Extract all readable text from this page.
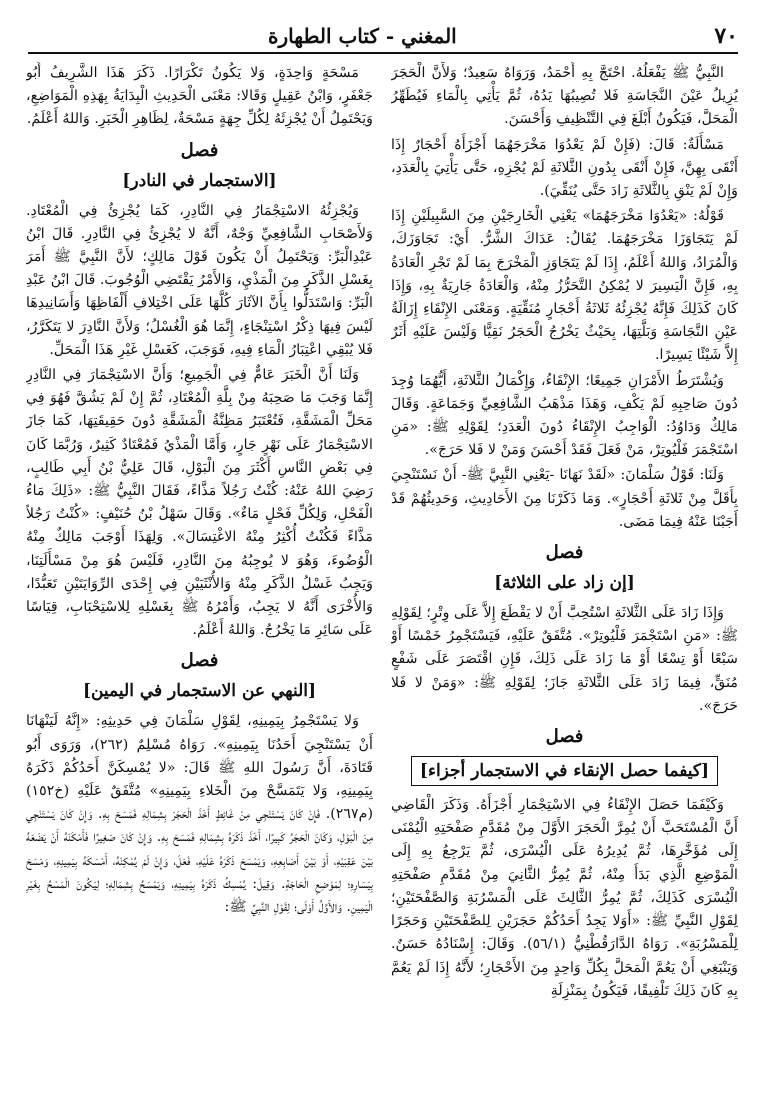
٧٠
المغني - كتاب الطهارة

النَّبِيُّ ﷺ يَفْعَلُهُ. احْتَجَّ بِهِ أَحْمَدُ، وَرَوَاهُ سَعِيدٌ؛ وَلأَنَّ الْحَجَرَ يُزِيلُ عَيْنَ النَّجَاسَةِ فَلا تُصِيبُهَا يَدُهُ، ثُمَّ يَأْتِي بِالْمَاءِ فَيُطَهِّرُ الْمَحَلَّ، فَيَكُونُ أَبْلَغَ فِي التَّنْظِيفِ وَأَحْسَنَ.

مَسْأَلَةٌ: قَالَ: (فَإِنْ لَمْ يَعْدُوَا مَخْرَجَهُمَا أَجْزَأَهُ أَحْجَارٌ إِذَا أَنْقَى بِهِنَّ، فَإِنْ أَنْقَى بِدُونِ الثَّلاثَةِ لَمْ يُجْزِهِ، حَتَّى يَأْتِيَ بِالْعَدَدِ، وَإِنْ لَمْ يَنْقِ بِالثَّلاثَةِ زَادَ حَتَّى يُنَقِّيَ).

قَوْلُهُ: «يَعْدُوَا مَخْرَجَهُمَا» يَعْنِي الْخَارِجَيْنِ مِنَ السَّبِيلَيْنِ إِذَا لَمْ يَتَجَاوَزَا مَخْرَجَهُمَا. يُقَالُ: عَدَاكَ الشَّرُّ. أَيْ: تَجَاوَزَكَ، وَالْمُرَادُ، وَاللهُ أَعْلَمُ، إِذَا لَمْ يَتَجَاوَزِ الْمَخْرَجَ بِمَا لَمْ تَجْرِ الْعَادَةُ بِهِ، فَإِنَّ الْيَسِيرَ لا يُمْكِنُ التَّحَرُّزُ مِنْهُ، وَالْعَادَةُ جَارِيَةٌ بِهِ، وَإِذَا كَانَ كَذَلِكَ فَإِنَّهُ يُجْزِئُهُ ثَلاثَةُ أَحْجَارٍ مُنَقِّيَةٍ. وَمَعْنَى الإِنْقَاءِ إِزَالَةُ عَيْنِ النَّجَاسَةِ وَبَلَّتِهَا، بِحَيْثُ يَخْرُجُ الْحَجَرُ نَقِيًّا وَلَيْسَ عَلَيْهِ أَثَرٌ إِلاَّ شَيْئًا يَسِيرًا.

وَيُشْتَرَطُ الأَمْرَانِ جَمِيعًا؛ الإِنْقَاءُ، وَإِكْمَالُ الثَّلاثَةِ، أَيُّهُمَا وُجِدَ دُونَ صَاحِبِهِ لَمْ يَكْفِ، وَهَذَا مَذْهَبُ الشَّافِعِيِّ وَجَمَاعَةٍ. وَقَالَ مَالِكٌ وَدَاوُدُ: الْوَاجِبُ الإِنْقَاءُ دُونَ الْعَدَدِ؛ لِقَوْلِهِ ﷺ: «مَنِ اسْتَجْمَرَ فَلْيُوتِرْ، مَنْ فَعَلَ فَقَدْ أَحْسَنَ وَمَنْ لا فَلا حَرَجَ».

وَلَنَا: قَوْلُ سَلْمَانَ: «لَقَدْ نَهَانَا -يَعْنِي النَّبِيَّ ﷺ- أَنْ نَسْتَنْجِيَ بِأَقَلَّ مِنْ ثَلاثَةِ أَحْجَارٍ». وَمَا ذَكَرْنَا مِنَ الأَحَادِيثِ، وَحَدِيثُهُمْ قَدْ أَجَبْنَا عَنْهُ فِيمَا مَضَى.

فصل
[إن زاد على الثلاثة]

وَإِذَا زَادَ عَلَى الثَّلاثَةِ اسْتُحِبَّ أَنْ لا يَقْطَعَ إِلاَّ عَلَى وِتْرٍ؛ لِقَوْلِهِ ﷺ: «مَنِ اسْتَجْمَرَ فَلْيُوتِرْ». مُتَّفَقٌ عَلَيْهِ، فَيَسْتَجْمِرُ خَمْسًا أَوْ سَبْعًا أَوْ تِسْعًا أَوْ مَا زَادَ عَلَى ذَلِكَ، فَإِنِ اقْتَصَرَ عَلَى شَفْعٍ مُنَقٍّ، فِيمَا زَادَ عَلَى الثَّلاثَةِ جَازَ؛ لِقَوْلِهِ ﷺ: «وَمَنْ لا فَلا حَرَجَ».

فصل
[كيفما حصل الإنقاء في الاستجمار أجزاء]

وَكَيْفَمَا حَصَلَ الإِنْقَاءُ فِي الاسْتِجْمَارِ أَجْزَأَهُ. وَذَكَرَ الْقَاضِي أَنَّ الْمُسْتَحَبَّ أَنْ يُمِرَّ الْحَجَرَ الأَوَّلَ مِنْ مُقَدَّمِ صَفْحَتِهِ الْيُمْنَى إِلَى مُؤَخَّرِهَا، ثُمَّ يُدِيرُهُ عَلَى الْيُسْرَى، ثُمَّ يَرْجِعُ بِهِ إِلَى الْمَوْضِعِ الَّذِي بَدَأَ مِنْهُ، ثُمَّ يُمِرُّ الثَّانِيَ مِنْ مُقَدَّمِ صَفْحَتِهِ الْيُسْرَى كَذَلِكَ، ثُمَّ يُمِرُّ الثَّالِثَ عَلَى الْمَسْرُبَةِ وَالصَّفْحَتَيْنِ؛ لِقَوْلِ النَّبِيِّ ﷺ: «أَوَلا يَجِدُ أَحَدُكُمْ حَجَرَيْنِ لِلصَّفْحَتَيْنِ وَحَجَرًا لِلْمَسْرُبَةِ». رَوَاهُ الدَّارَقُطْنِيُّ (٥٦/١). وَقَالَ: إِسْنَادُهُ حَسَنٌ. وَيَنْبَغِي أَنْ يَعُمَّ الْمَحَلَّ بِكُلِّ وَاحِدٍ مِنَ الأَحْجَارِ؛ لأَنَّهُ إِذَا لَمْ يَعُمَّ بِهِ كَانَ ذَلِكَ تَلْفِيقًا، فَيَكُونُ بِمَنْزِلَةِ

مَسْحَةٍ وَاحِدَةٍ، وَلا يَكُونُ تَكْرَارًا. ذَكَرَ هَذَا الشَّرِيفُ أَبُو جَعْفَرٍ، وَابْنُ عَقِيلٍ وَقَالا: مَعْنَى الْحَدِيثِ الْبِدَايَةُ بِهَذِهِ الْمَوَاضِعِ، وَيَحْتَمِلُ أَنْ يُجْزِئَهُ لِكُلِّ جِهَةٍ مَسْحَةٌ، لِظَاهِرِ الْخَبَرِ. وَاللهُ أَعْلَمُ.

فصل
[الاستجمار في النادر]

وَيُجْزِئُهُ الاسْتِجْمَارُ فِي النَّادِرِ، كَمَا يُجْزِئُ فِي الْمُعْتَادِ. وَلأَصْحَابِ الشَّافِعِيِّ وَجْهٌ، أَنَّهُ لا يُجْزِئُ فِي النَّادِرِ. قَالَ ابْنُ عَبْدِالْبَرِّ: وَيَحْتَمِلُ أَنْ يَكُونَ قَوْلَ مَالِكٍ؛ لأَنَّ النَّبِيَّ ﷺ أَمَرَ بِغَسْلِ الذَّكَرِ مِنَ الْمَذْيِ، وَالأَمْرُ يَقْتَضِي الْوُجُوبَ. قَالَ ابْنُ عَبْدِ الْبَرِّ: وَاسْتَدَلُّوا بِأَنَّ الآثَارَ كُلَّهَا عَلَى اخْتِلافِ أَلْفَاظِهَا وَأَسَانِيدِهَا لَيْسَ فِيهَا ذِكْرُ اسْتِنْجَاءٍ، إِنَّمَا هُوَ الْغُسْلُ؛ وَلأَنَّ النَّادِرَ لا يَتَكَرَّرُ، فَلا يُبْقِي اعْتِبَارُ الْمَاءِ فِيهِ، فَوَجَبَ، كَغَسْلِ غَيْرِ هَذَا الْمَحَلِّ.

وَلَنَا أَنَّ الْخَبَرَ عَامٌّ فِي الْجَمِيعِ؛ وَأَنَّ الاسْتِجْمَارَ فِي النَّادِرِ إِنَّمَا وَجَبَ مَا صَحِبَهُ مِنْ بِلَّةِ الْمُعْتَادِ، ثُمَّ إِنْ لَمْ يَشُقَّ فَهُوَ فِي مَحَلِّ الْمَشَقَّةِ، فَتُعْتَبَرُ مَظِنَّةُ الْمَشَقَّةِ دُونَ حَقِيقَتِهَا، كَمَا جَازَ الاسْتِجْمَارُ عَلَى نَهْرٍ جَارٍ، وَأَمَّا الْمَذْيُ فَمُعْتَادٌ كَثِيرٌ، وَرُبَّمَا كَانَ فِي بَعْضِ النَّاسِ أَكْثَرَ مِنَ الْبَوْلِ، قَالَ عَلِيُّ بْنُ أَبِي طَالِبٍ، رَضِيَ اللهُ عَنْهُ: كُنْتُ رَجُلاً مَذَّاءً، فَقَالَ النَّبِيُّ ﷺ: «ذَلِكَ مَاءُ الْفَحْلِ، وَلِكُلِّ فَحْلٍ مَاءٌ». وَقَالَ سَهْلُ بْنُ حُنَيْفٍ: «كُنْتُ رَجُلاً مَذَّاءً فَكُنْتُ أُكْثِرُ مِنْهُ الاغْتِسَالَ». وَلِهَذَا أَوْجَبَ مَالِكٌ مِنْهُ الْوُضُوءَ، وَهُوَ لا يُوجِبُهُ مِنَ النَّادِرِ، فَلَيْسَ هُوَ مِنْ مَسْأَلَتِنَا، وَيَجِبُ غَسْلُ الذَّكَرِ مِنْهُ وَالأُنْثَيَيْنِ فِي إِحْدَى الرِّوَايَتَيْنِ تَعَبُّدًا، وَالأُخْرَى أَنَّهُ لا يَجِبُ، وَأَمْرُهُ ﷺ بِغَسْلِهِ لِلاسْتِحْبَابِ، قِيَاسًا عَلَى سَائِرِ مَا يَخْرُجُ. وَاللهُ أَعْلَمُ.

فصل
[النهي عن الاستجمار في اليمين]

وَلا يَسْتَجْمِرُ بِيَمِينِهِ، لِقَوْلِ سَلْمَانَ فِي حَدِيثِهِ: «إِنَّهُ لَيَنْهَانَا أَنْ يَسْتَنْجِيَ أَحَدُنَا بِيَمِينِهِ». رَوَاهُ مُسْلِمٌ (٢٦٢)، وَرَوَى أَبُو قَتَادَةَ، أَنَّ رَسُولَ اللهِ ﷺ قَالَ: «لا يُمْسِكَنَّ أَحَدُكُمْ ذَكَرَهُ بِيَمِينِهِ، وَلا يَتَمَسَّحْ مِنَ الْخَلاءِ بِيَمِينِهِ» مُتَّفَقٌ عَلَيْهِ (خ١٥٢) (م٢٦٧). فَإِنْ كَانَ يَسْتَنْجِي مِنْ غَائِطٍ أَخَذَ الْحَجَرَ بِشِمَالِهِ فَمَسَحَ بِهِ. وَإِنْ كَانَ يَسْتَنْجِي مِنَ الْبَوْلِ، وَكَانَ الْحَجَرُ كَبِيرًا، أَخَذَ ذَكَرَهُ بِشِمَالِهِ فَمَسَحَ بِهِ. وَإِنْ كَانَ صَغِيرًا فَأَمْكَنَهُ أَنْ يَضَعَهُ بَيْنَ عَقِبَيْهِ، أَوْ بَيْنَ أَصَابِعِهِ، وَيَمْسَحَ ذَكَرَهُ عَلَيْهِ، فَعَلَ، وَإِنْ لَمْ يُمْكِنْهُ، أَمْسَكَهُ بِيَمِينِهِ، وَمَسَحَ بِيَسَارِهِ؛ لِمَوْضِعِ الْحَاجَةِ. وَقِيلَ: يُمْسِكُ ذَكَرَهُ بِيَمِينِهِ، وَيَمْسَحُ بِشِمَالِهِ؛ لِيَكُونَ الْمَسْحُ بِغَيْرِ الْيَمِينِ. وَالأَوَّلُ أَوْلَى؛ لِقَوْلِ النَّبِيِّ ﷺ:
